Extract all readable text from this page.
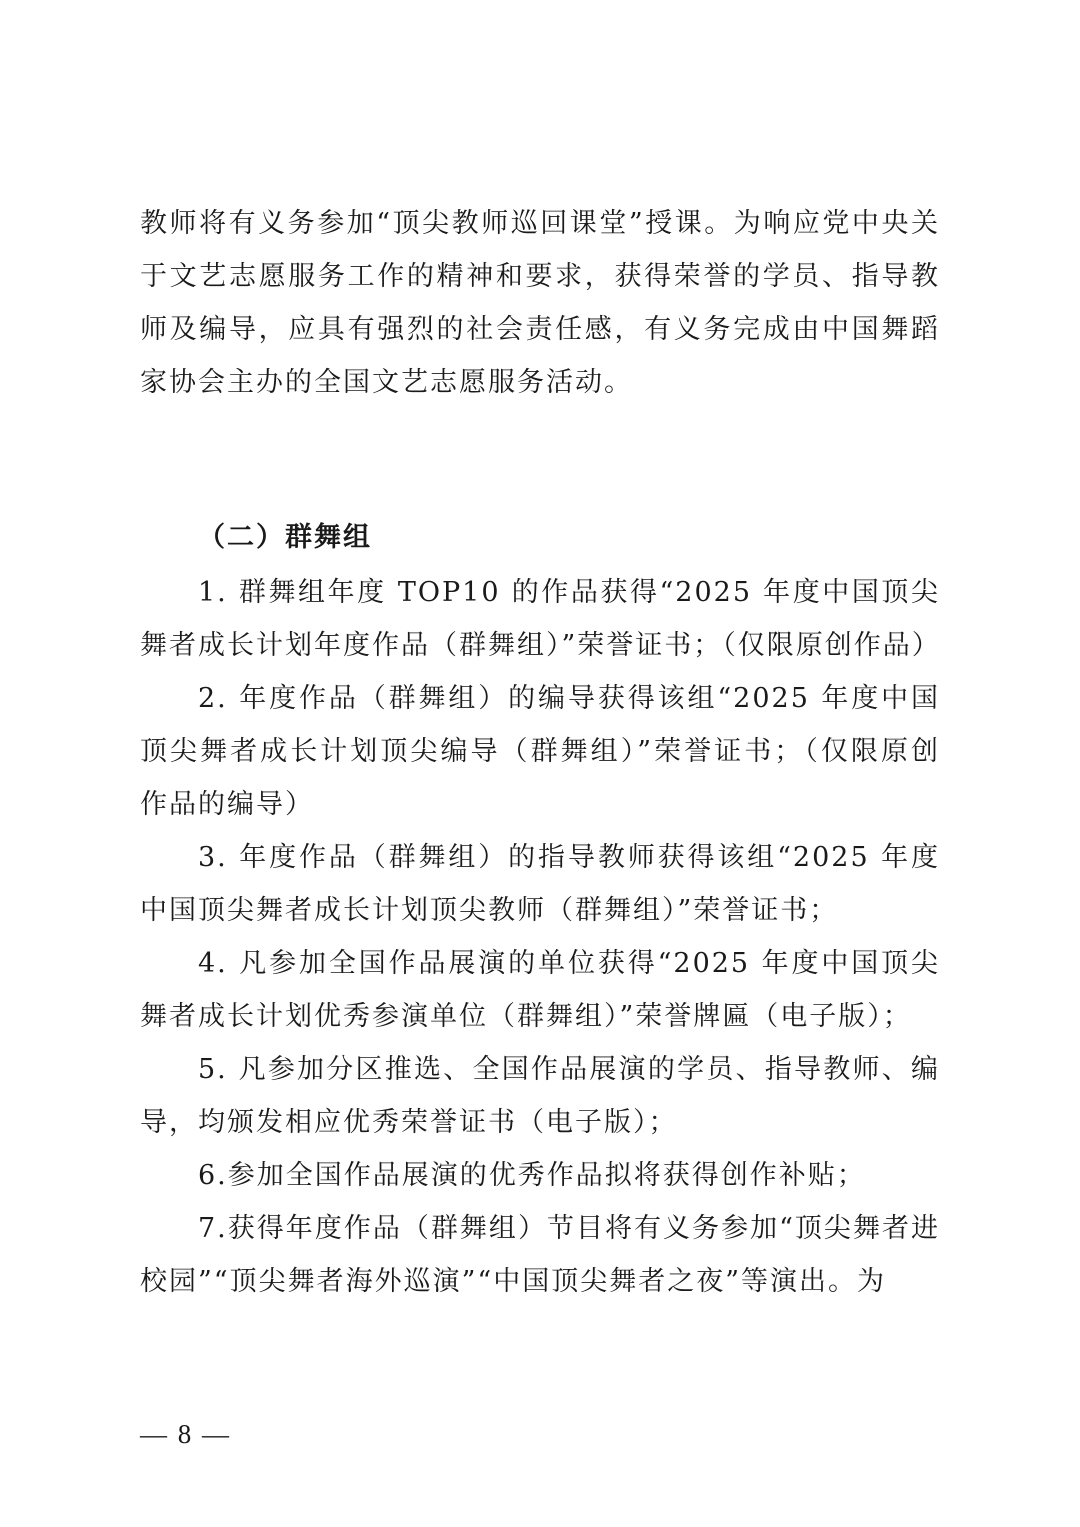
教师将有义务参加“顶尖教师巡回课堂”授课。为响应党中央关于文艺志愿服务工作的精神和要求，获得荣誉的学员、指导教师及编导，应具有强烈的社会责任感，有义务完成由中国舞蹈家协会主办的全国文艺志愿服务活动。

（二）群舞组

1. 群舞组年度 TOP10 的作品获得“2025 年度中国顶尖舞者成长计划年度作品（群舞组）”荣誉证书；（仅限原创作品）

2. 年度作品（群舞组）的编导获得该组“2025 年度中国顶尖舞者成长计划顶尖编导（群舞组）”荣誉证书；（仅限原创作品的编导）

3. 年度作品（群舞组）的指导教师获得该组“2025 年度中国顶尖舞者成长计划顶尖教师（群舞组）”荣誉证书；

4. 凡参加全国作品展演的单位获得“2025 年度中国顶尖舞者成长计划优秀参演单位（群舞组）”荣誉牌匾（电子版）；

5. 凡参加分区推选、全国作品展演的学员、指导教师、编导，均颁发相应优秀荣誉证书（电子版）；

6.参加全国作品展演的优秀作品拟将获得创作补贴；

7.获得年度作品（群舞组）节目将有义务参加“顶尖舞者进校园”“顶尖舞者海外巡演”“中国顶尖舞者之夜”等演出。为

— 8 —
